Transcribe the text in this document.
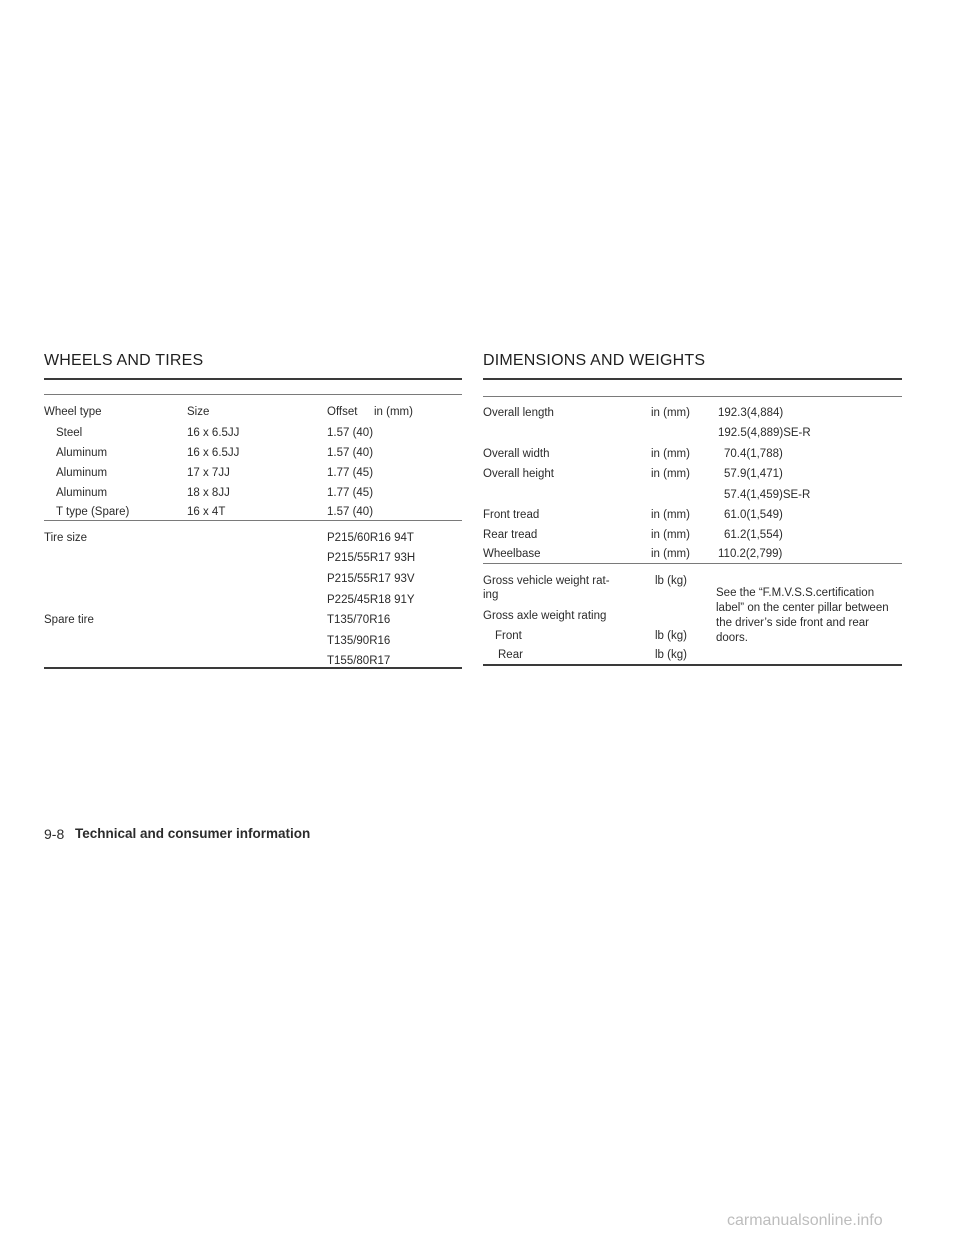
WHEELS AND TIRES
Wheel type	Size	Offset in (mm)
Steel	16 x 6.5JJ	1.57 (40)
Aluminum	16 x 6.5JJ	1.57 (40)
Aluminum	17 x 7JJ	1.77 (45)
Aluminum	18 x 8JJ	1.77 (45)
T type (Spare)	16 x 4T	1.57 (40)
Tire size	P215/60R16 94T
P215/55R17 93H
P215/55R17 93V
P225/45R18 91Y
Spare tire	T135/70R16
T135/90R16
T155/80R17
DIMENSIONS AND WEIGHTS
Overall length	in (mm) 192.3(4,884)
192.5(4,889)SE-R
Overall width	in (mm)	70.4(1,788)
Overall height	in (mm)	57.9(1,471)
57.4(1,459)SE-R
Front tread	in (mm)	61.0(1,549)
Rear tread	in (mm)	61.2(1,554)
Wheelbase	in (mm) 110.2(2,799)
Gross vehicle weight rat-
ing
lb (kg)
Gross axle weight rating
Front	lb (kg)
Rear	lb (kg)
See the “F.M.V.S.S.certification label” on the center pillar between the driver’s side front and rear doors.
9-8 Technical and consumer information
carmanualsonline.info
